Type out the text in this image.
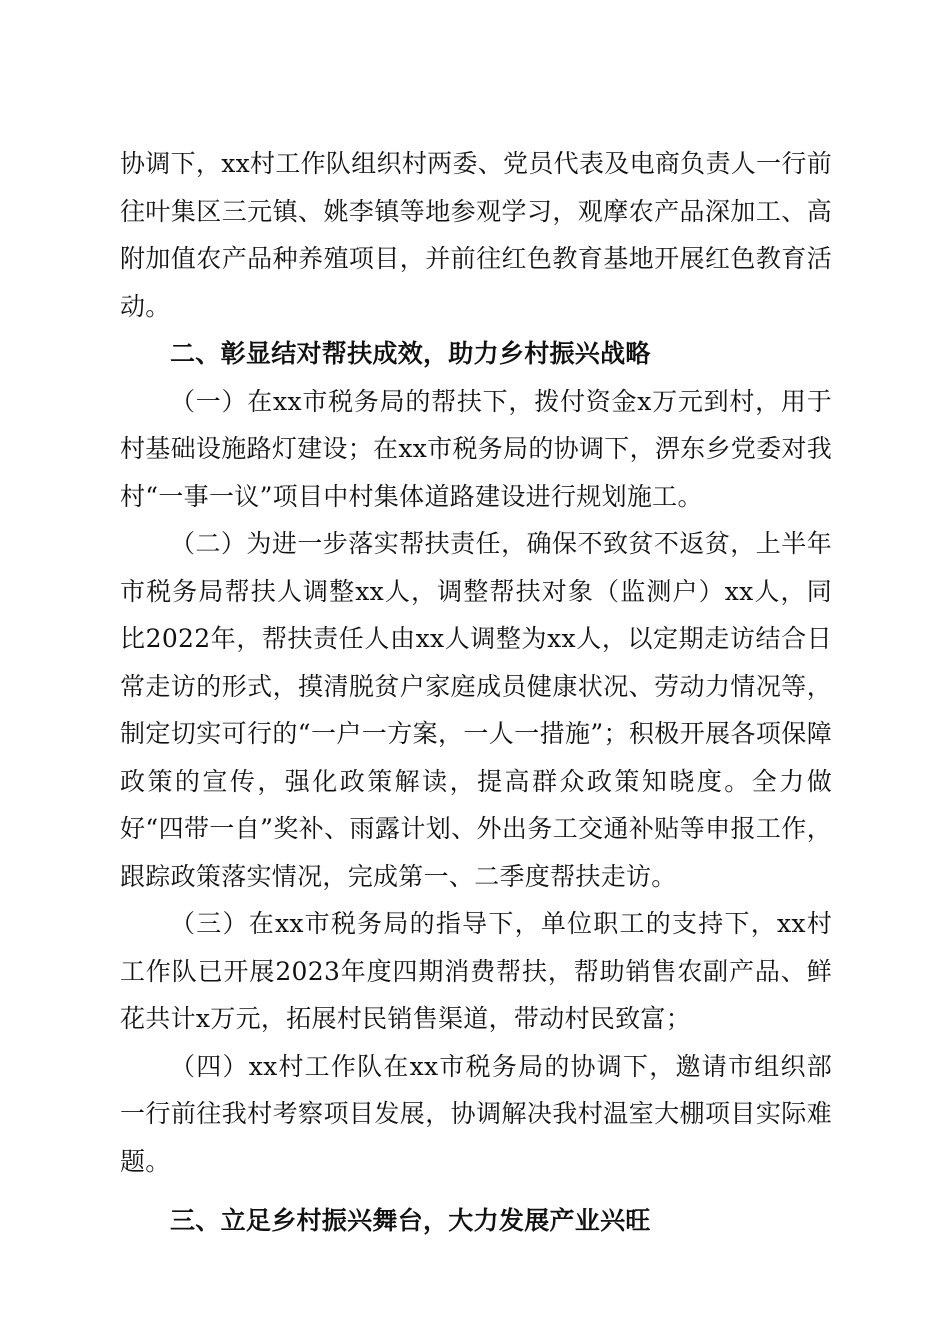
协调下，xx村工作队组织村两委、党员代表及电商负责人一行前往叶集区三元镇、姚李镇等地参观学习，观摩农产品深加工、高附加值农产品种养殖项目，并前往红色教育基地开展红色教育活动。

二、彰显结对帮扶成效，助力乡村振兴战略

（一）在xx市税务局的帮扶下，拨付资金x万元到村，用于村基础设施路灯建设；在xx市税务局的协调下，淠东乡党委对我村“一事一议”项目中村集体道路建设进行规划施工。

（二）为进一步落实帮扶责任，确保不致贫不返贫，上半年市税务局帮扶人调整xx人，调整帮扶对象（监测户）xx人，同比2022年，帮扶责任人由xx人调整为xx人，以定期走访结合日常走访的形式，摸清脱贫户家庭成员健康状况、劳动力情况等，制定切实可行的“一户一方案，一人一措施”；积极开展各项保障政策的宣传，强化政策解读，提高群众政策知晓度。全力做好“四带一自”奖补、雨露计划、外出务工交通补贴等申报工作，跟踪政策落实情况，完成第一、二季度帮扶走访。

（三）在xx市税务局的指导下，单位职工的支持下，xx村工作队已开展2023年度四期消费帮扶，帮助销售农副产品、鲜花共计x万元，拓展村民销售渠道，带动村民致富；

（四）xx村工作队在xx市税务局的协调下，邀请市组织部一行前往我村考察项目发展，协调解决我村温室大棚项目实际难题。

三、立足乡村振兴舞台，大力发展产业兴旺
